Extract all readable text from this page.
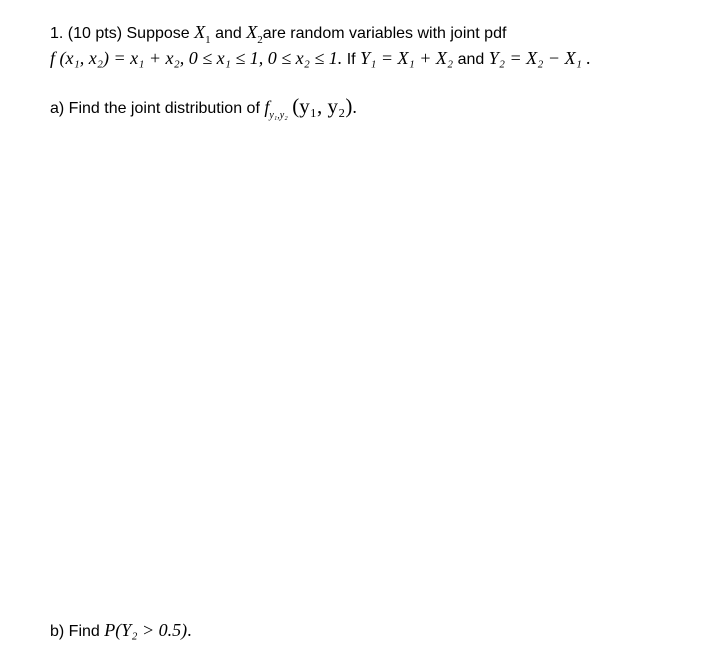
1. (10 pts) Suppose $X_1$ and $X_2are$ random variables with joint pdf
f (x₁, x₂) = x₁ + x₂, 0 ≤ x₁ ≤ 1, 0 ≤ x₂ ≤ 1. If Y₁ = X₁ + X₂ and Y₂ = X₂ − X₁ .
a) Find the joint distribution of $f_{y_1,y_2}$ (y₁, y₂).
b) Find P(Y₂ > 0.5).
